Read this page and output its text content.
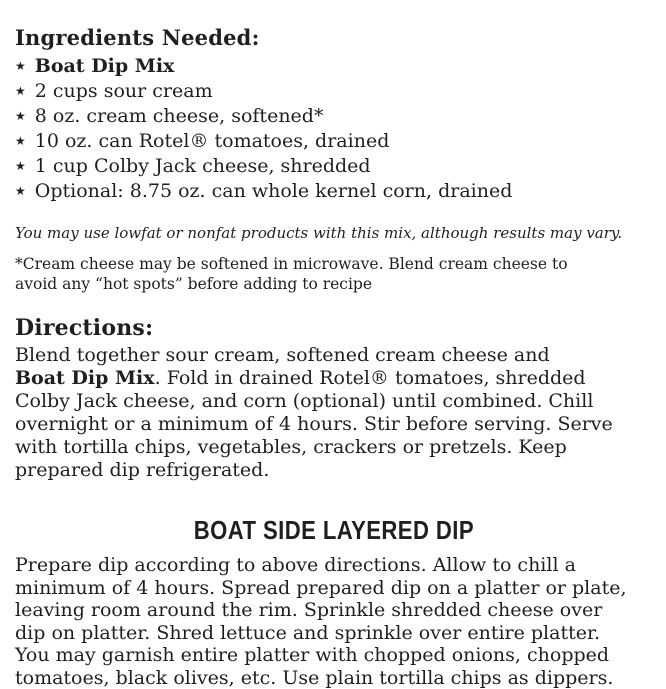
Ingredients Needed:
★ Boat Dip Mix
★ 2 cups sour cream
★ 8 oz. cream cheese, softened*
★ 10 oz. can Rotel® tomatoes, drained
★ 1 cup Colby Jack cheese, shredded
★ Optional: 8.75 oz. can whole kernel corn, drained

You may use lowfat or nonfat products with this mix, although results may vary.

*Cream cheese may be softened in microwave. Blend cream cheese to
avoid any “hot spots” before adding to recipe

Directions:
Blend together sour cream, softened cream cheese and
Boat Dip Mix. Fold in drained Rotel® tomatoes, shredded
Colby Jack cheese, and corn (optional) until combined. Chill
overnight or a minimum of 4 hours. Stir before serving. Serve
with tortilla chips, vegetables, crackers or pretzels. Keep
prepared dip refrigerated.
BOAT SIDE LAYERED DIP
Prepare dip according to above directions. Allow to chill a
minimum of 4 hours. Spread prepared dip on a platter or plate,
leaving room around the rim. Sprinkle shredded cheese over
dip on platter. Shred lettuce and sprinkle over entire platter.
You may garnish entire platter with chopped onions, chopped
tomatoes, black olives, etc. Use plain tortilla chips as dippers.
